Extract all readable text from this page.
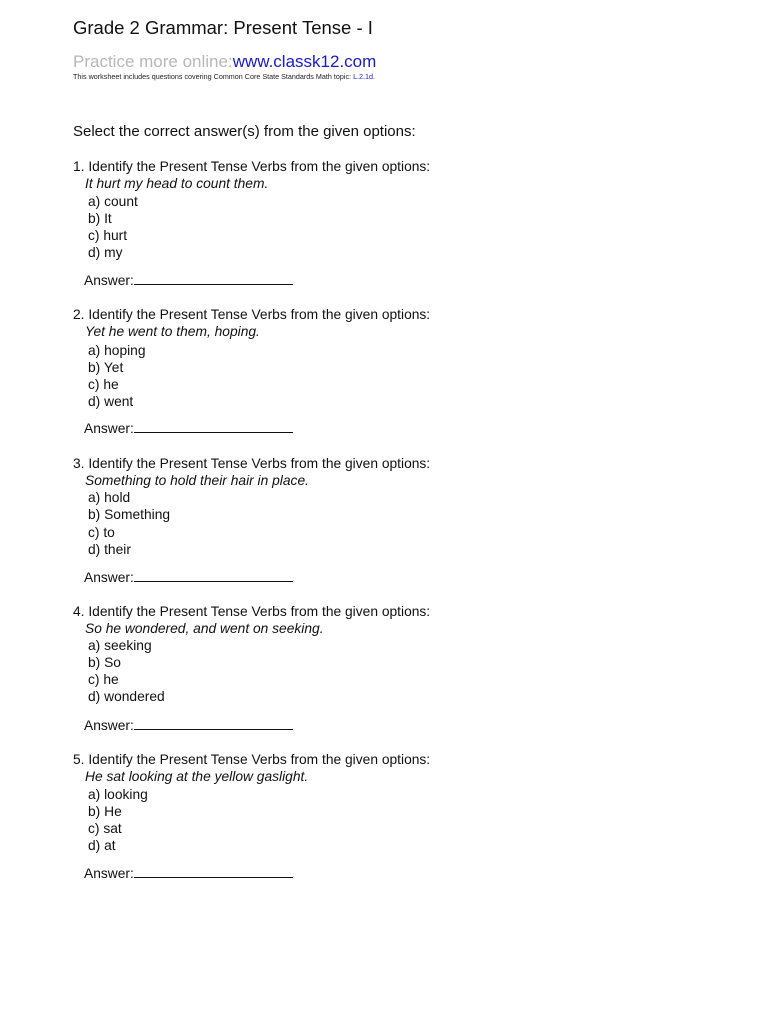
Grade 2 Grammar: Present Tense - I
Practice more online:www.classk12.com
This worksheet includes questions covering Common Core State Standards Math topic: L.2.1d.
Select the correct answer(s) from the given options:
1. Identify the Present Tense Verbs from the given options:
It hurt my head to count them.
a) count
b) It
c) hurt
d) my
Answer:
2. Identify the Present Tense Verbs from the given options:
Yet he went to them, hoping.
a) hoping
b) Yet
c) he
d) went
Answer:
3. Identify the Present Tense Verbs from the given options:
Something to hold their hair in place.
a) hold
b) Something
c) to
d) their
Answer:
4. Identify the Present Tense Verbs from the given options:
So he wondered, and went on seeking.
a) seeking
b) So
c) he
d) wondered
Answer:
5. Identify the Present Tense Verbs from the given options:
He sat looking at the yellow gaslight.
a) looking
b) He
c) sat
d) at
Answer:
